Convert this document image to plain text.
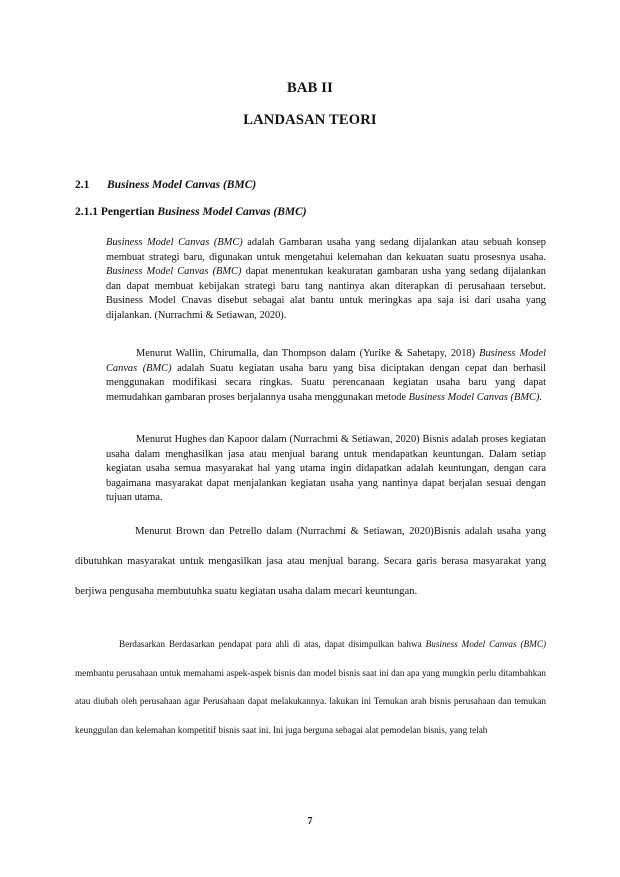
BAB II
LANDASAN TEORI
2.1 Business Model Canvas (BMC)
2.1.1 Pengertian Business Model Canvas (BMC)

Business Model Canvas (BMC) adalah Gambaran usaha yang sedang dijalankan atau sebuah konsep membuat strategi baru, digunakan untuk mengetahui kelemahan dan kekuatan suatu prosesnya usaha. Business Model Canvas (BMC) dapat menentukan keakuratan gambaran usha yang sedang dijalankan dan dapat membuat kebijakan strategi baru tang nantinya akan diterapkan di perusahaan tersebut. Business Model Cnavas disebut sebagai alat bantu untuk meringkas apa saja isi dari usaha yang dijalankan. (Nurrachmi & Setiawan, 2020).

Menurut Wallin, Chirumalla, dan Thompson dalam (Yurike & Sahetapy, 2018) Business Model Canvas (BMC) adalah Suatu kegiatan usaha baru yang bisa diciptakan dengan cepat dan berhasil menggunakan modifikasi secara ringkas. Suatu perencanaan kegiatan usaha baru yang dapat memudahkan gambaran proses berjalannya usaha menggunakan metode Business Model Canvas (BMC).

Menurut Hughes dan Kapoor dalam (Nurrachmi & Setiawan, 2020) Bisnis adalah proses kegiatan usaha dalam menghasilkan jasa atau menjual barang untuk mendapatkan keuntungan. Dalam setiap kegiatan usaha semua masyarakat hal yang utama ingin didapatkan adalah keuntungan, dengan cara bagaimana masyarakat dapat menjalankan kegiatan usaha yang nantinya dapat berjalan sesuai dengan tujuan utama.

Menurut Brown dan Petrello dalam (Nurrachmi & Setiawan, 2020)Bisnis adalah usaha yang dibutuhkan masyarakat untuk mengasilkan jasa atau menjual barang. Secara garis berasa masyarakat yang berjiwa pengusaha membutuhka suatu kegiatan usaha dalam mecari keuntungan.

Berdasarkan Berdasarkan pendapat para ahli di atas, dapat disimpulkan bahwa Business Model Canvas (BMC) membantu perusahaan untuk memahami aspek-aspek bisnis dan model bisnis saat ini dan apa yang mungkin perlu ditambahkan atau diubah oleh perusahaan agar Perusahaan dapat melakukannya. lakukan ini Temukan arah bisnis perusahaan dan temukan keunggulan dan kelemahan kompetitif bisnis saat ini. Ini juga berguna sebagai alat pemodelan bisnis, yang telah

7
